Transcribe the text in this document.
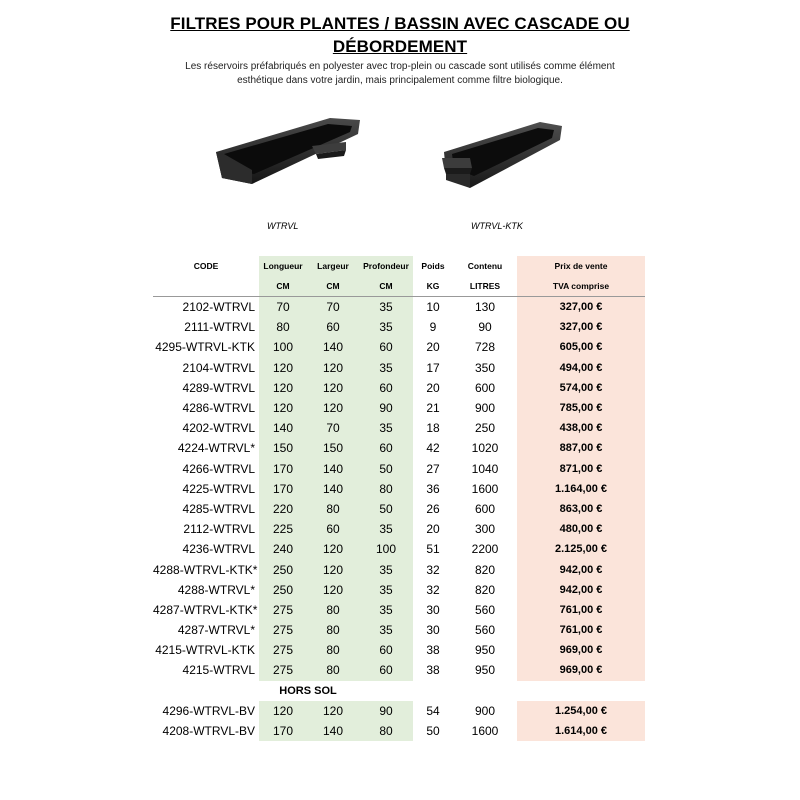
FILTRES POUR PLANTES / BASSIN AVEC CASCADE OU
DÉBORDEMENT
Les réservoirs préfabriqués en polyester avec trop-plein ou cascade sont utilisés comme élément
esthétique dans votre jardin, mais principalement comme filtre biologique.
WTRVL	WTRVL-KTK
CODE	Longueur	Largeur	Profondeur	Poids	Contenu	Prix de vente
	CM	CM	CM	KG	LITRES	TVA comprise
2102-WTRVL	70	70	35	10	130	327,00 €
2111-WTRVL	80	60	35	9	90	327,00 €
4295-WTRVL-KTK	100	140	60	20	728	605,00 €
2104-WTRVL	120	120	35	17	350	494,00 €
4289-WTRVL	120	120	60	20	600	574,00 €
4286-WTRVL	120	120	90	21	900	785,00 €
4202-WTRVL	140	70	35	18	250	438,00 €
4224-WTRVL*	150	150	60	42	1020	887,00 €
4266-WTRVL	170	140	50	27	1040	871,00 €
4225-WTRVL	170	140	80	36	1600	1.164,00 €
4285-WTRVL	220	80	50	26	600	863,00 €
2112-WTRVL	225	60	35	20	300	480,00 €
4236-WTRVL	240	120	100	51	2200	2.125,00 €
4288-WTRVL-KTK*	250	120	35	32	820	942,00 €
4288-WTRVL*	250	120	35	32	820	942,00 €
4287-WTRVL-KTK*	275	80	35	30	560	761,00 €
4287-WTRVL*	275	80	35	30	560	761,00 €
4215-WTRVL-KTK	275	80	60	38	950	969,00 €
4215-WTRVL	275	80	60	38	950	969,00 €
HORS SOL						
4296-WTRVL-BV	120	120	90	54	900	1.254,00 €
4208-WTRVL-BV	170	140	80	50	1600	1.614,00 €
